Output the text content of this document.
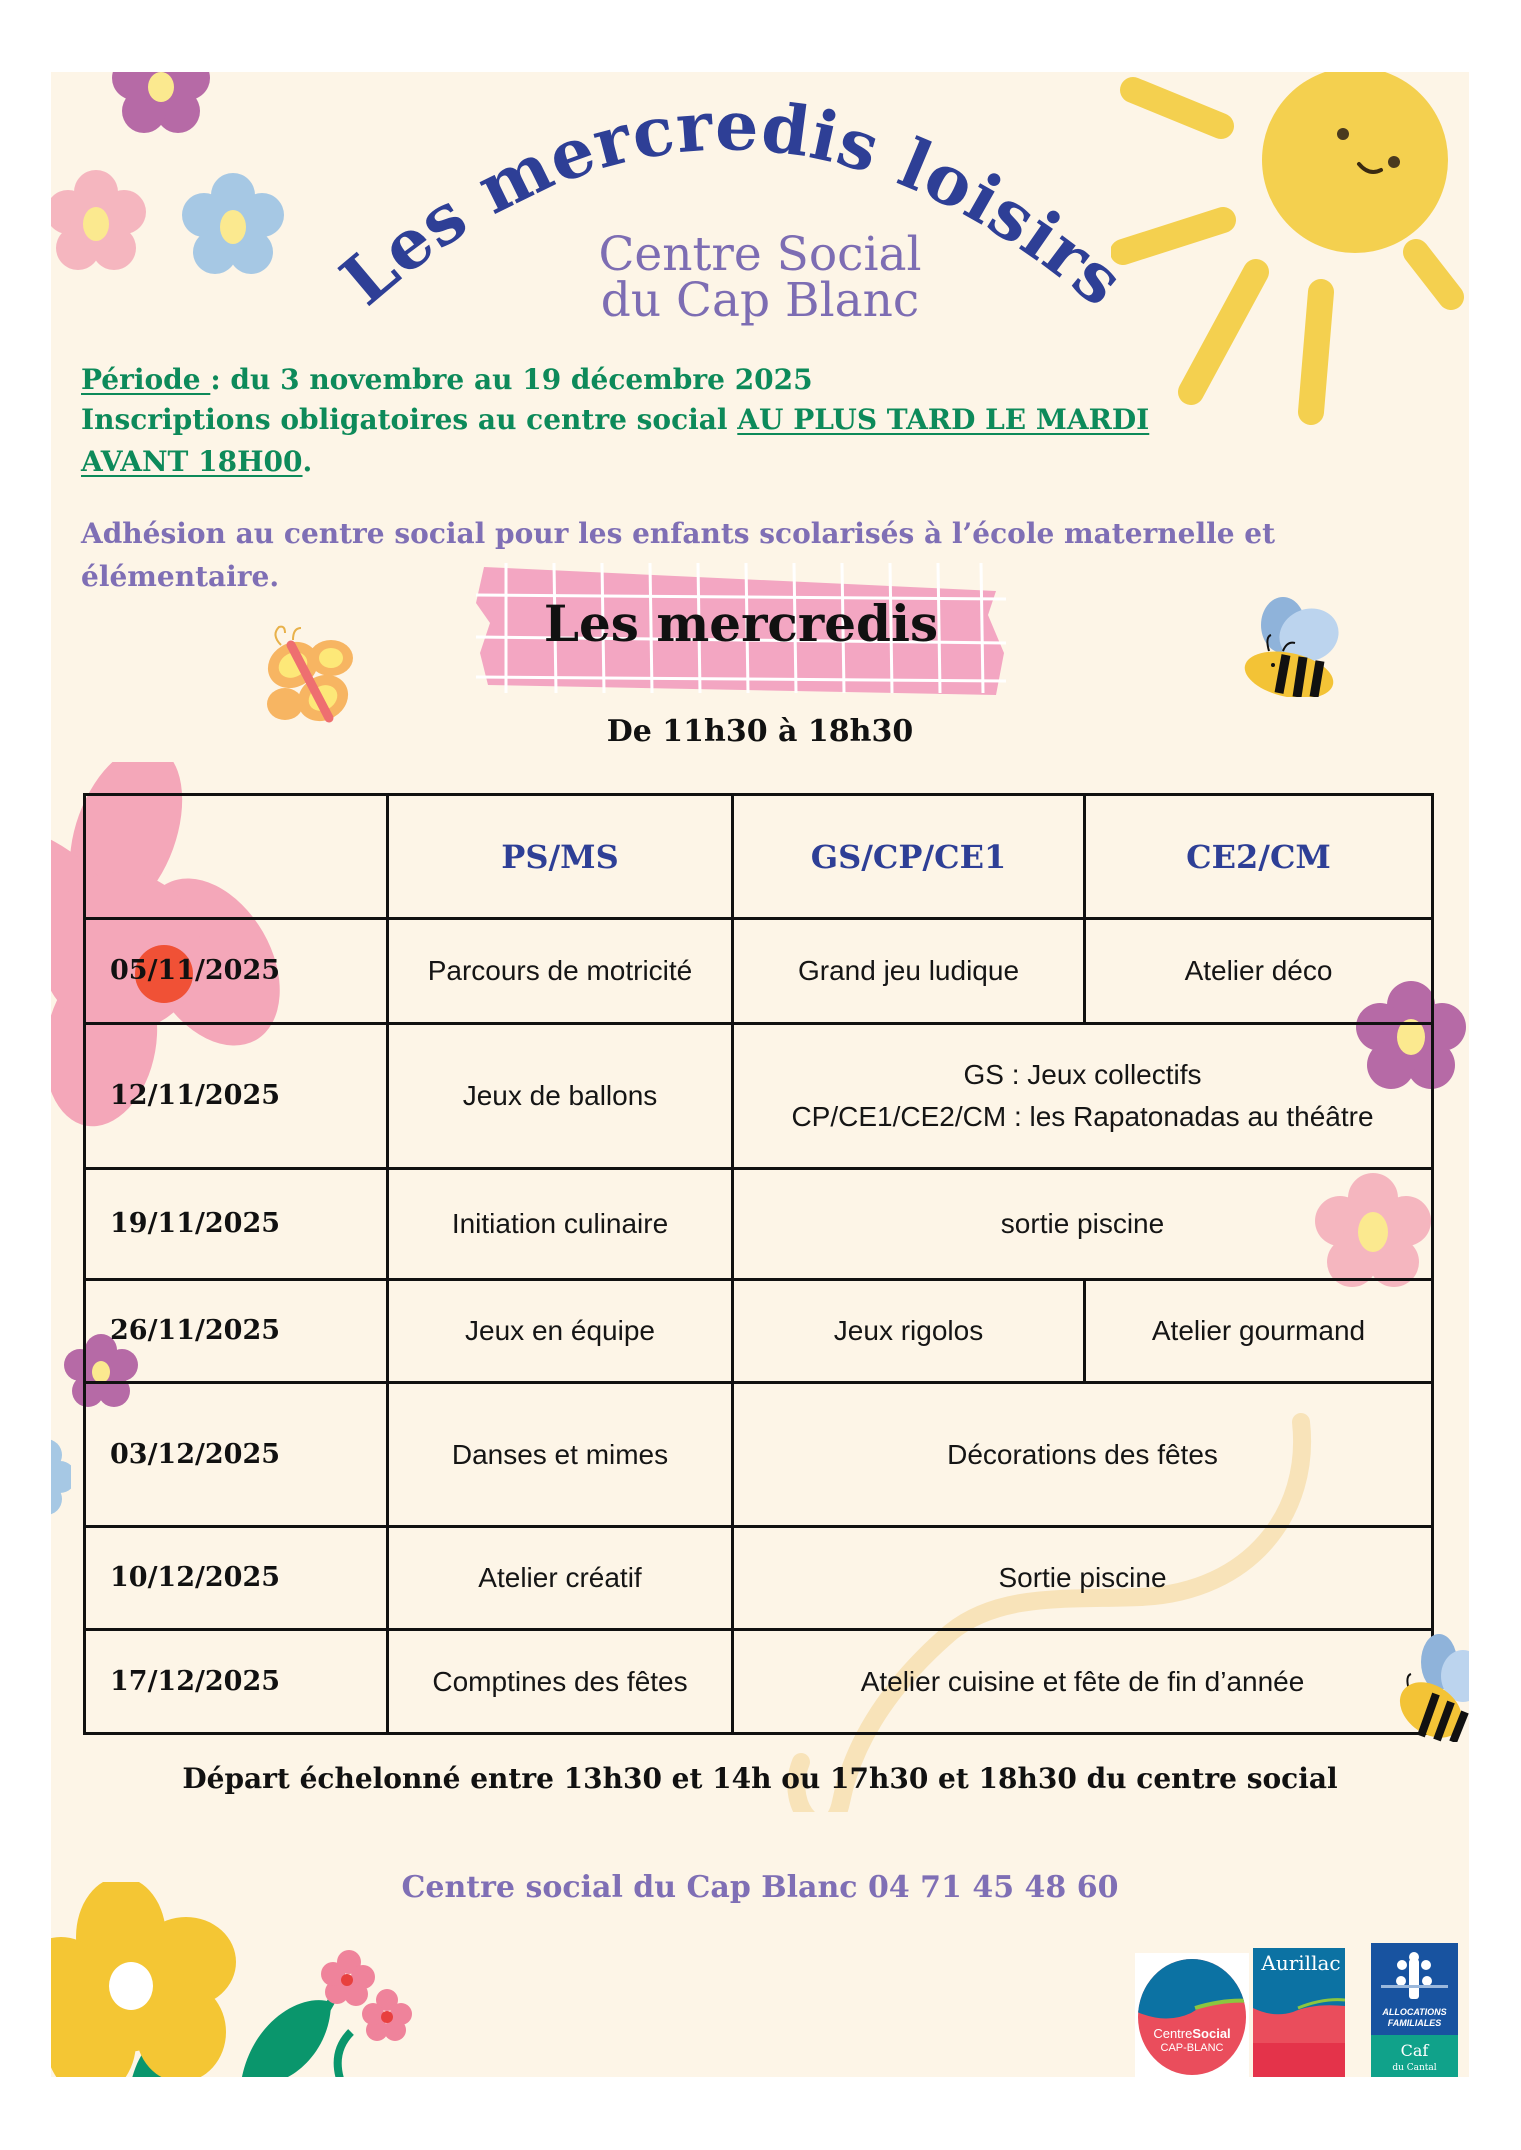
Les mercredis loisirs
Centre Social
du Cap Blanc
Période : du 3 novembre au 19 décembre 2025
Inscriptions obligatoires au centre social AU PLUS TARD LE MARDI
AVANT 18H00.
Adhésion au centre social pour les enfants scolarisés à l’école maternelle et
élémentaire.
Les mercredis
De 11h30 à 18h30
	PS/MS	GS/CP/CE1	CE2/CM
05/11/2025	Parcours de motricité	Grand jeu ludique	Atelier déco
12/11/2025	Jeux de ballons	GS : Jeux collectifs
CP/CE1/CE2/CM : les Rapatonadas au théâtre	

19/11/2025	Initiation culinaire	sortie piscine	
26/11/2025	Jeux en équipe	Jeux rigolos	Atelier gourmand
03/12/2025	Danses et mimes	Décorations des fêtes	
10/12/2025	Atelier créatif	Sortie piscine	
17/12/2025	Comptines des fêtes	Atelier cuisine et fête de fin d’année	
Départ échelonné entre 13h30 et 14h ou 17h30 et 18h30 du centre social
Centre social du Cap Blanc 04 71 45 48 60
CentreSocial
CAP-BLANC
Aurillac
ALLOCATIONS
FAMILIALES
Caf
du Cantal
